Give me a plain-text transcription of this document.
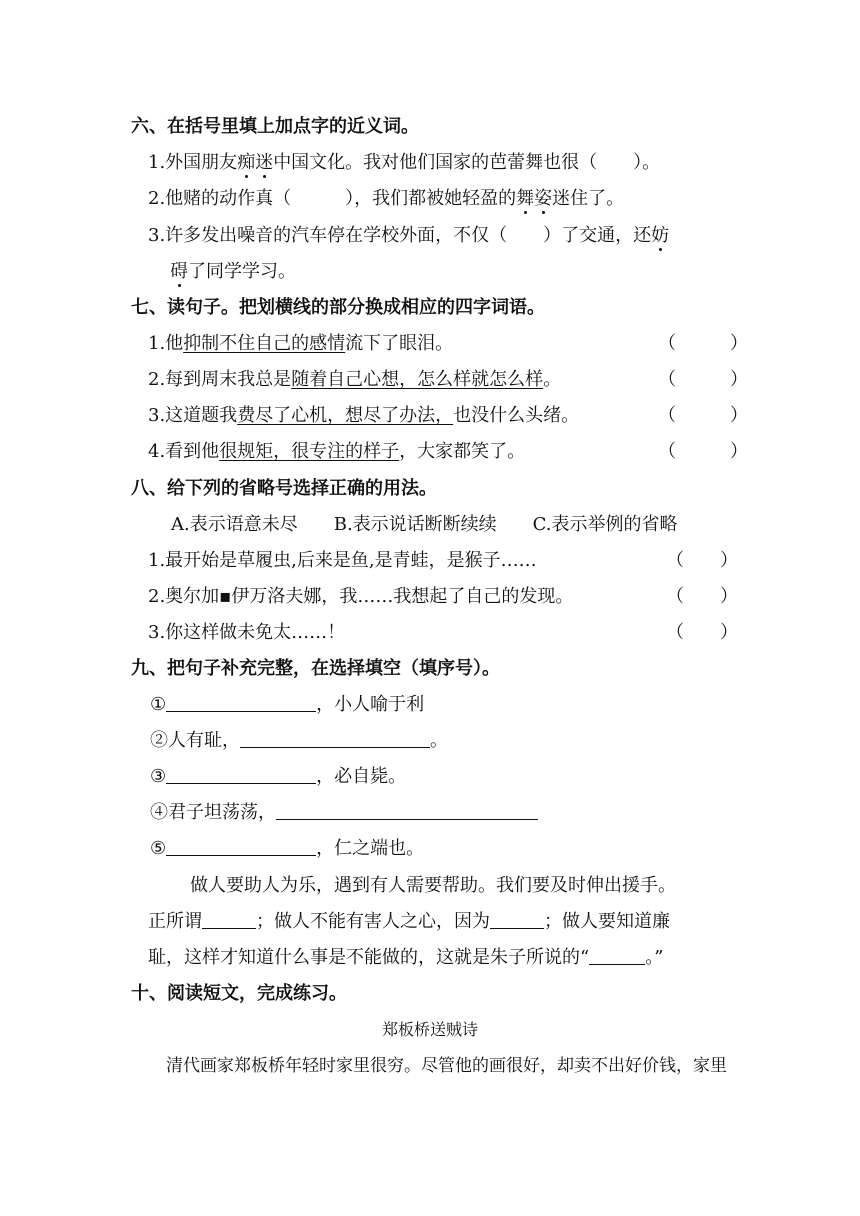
六、在括号里填上加点字的近义词。
1.外国朋友痴迷中国文化。我对他们国家的芭蕾舞也很（　　）。
2.他赌的动作真（　　　），我们都被她轻盈的舞姿迷住了。
3.许多发出噪音的汽车停在学校外面，不仅（　　）了交通，还妨
碍了同学学习。
七、读句子。把划横线的部分换成相应的四字词语。
1.他抑制不住自己的感情流下了眼泪。	（　　　）
2.每到周末我总是随着自己心想，怎么样就怎么样。	（　　　）
3.这道题我费尽了心机，想尽了办法，也没什么头绪。	（　　　）
4.看到他很规矩，很专注的样子，大家都笑了。	（　　　）
八、给下列的省略号选择正确的用法。
A.表示语意未尽　　B.表示说话断断续续　　C.表示举例的省略
1.最开始是草履虫,后来是鱼,是青蛙，是猴子……	（　　）
2.奥尔加▪伊万洛夫娜，我……我想起了自己的发现。	（　　）
3.你这样做未免太……！	（　　）
九、把句子补充完整，在选择填空（填序号）。
①	，小人喻于利
②人有耻，	。
③	，必自毙。
④君子坦荡荡，
⑤	，仁之端也。
做人要助人为乐，遇到有人需要帮助。我们要及时伸出援手。
正所谓	；做人不能有害人之心，因为	；做人要知道廉
耻，这样才知道什么事是不能做的，这就是朱子所说的“	。”
十、阅读短文，完成练习。
郑板桥送贼诗
清代画家郑板桥年轻时家里很穷。尽管他的画很好，却卖不出好价钱，家里
